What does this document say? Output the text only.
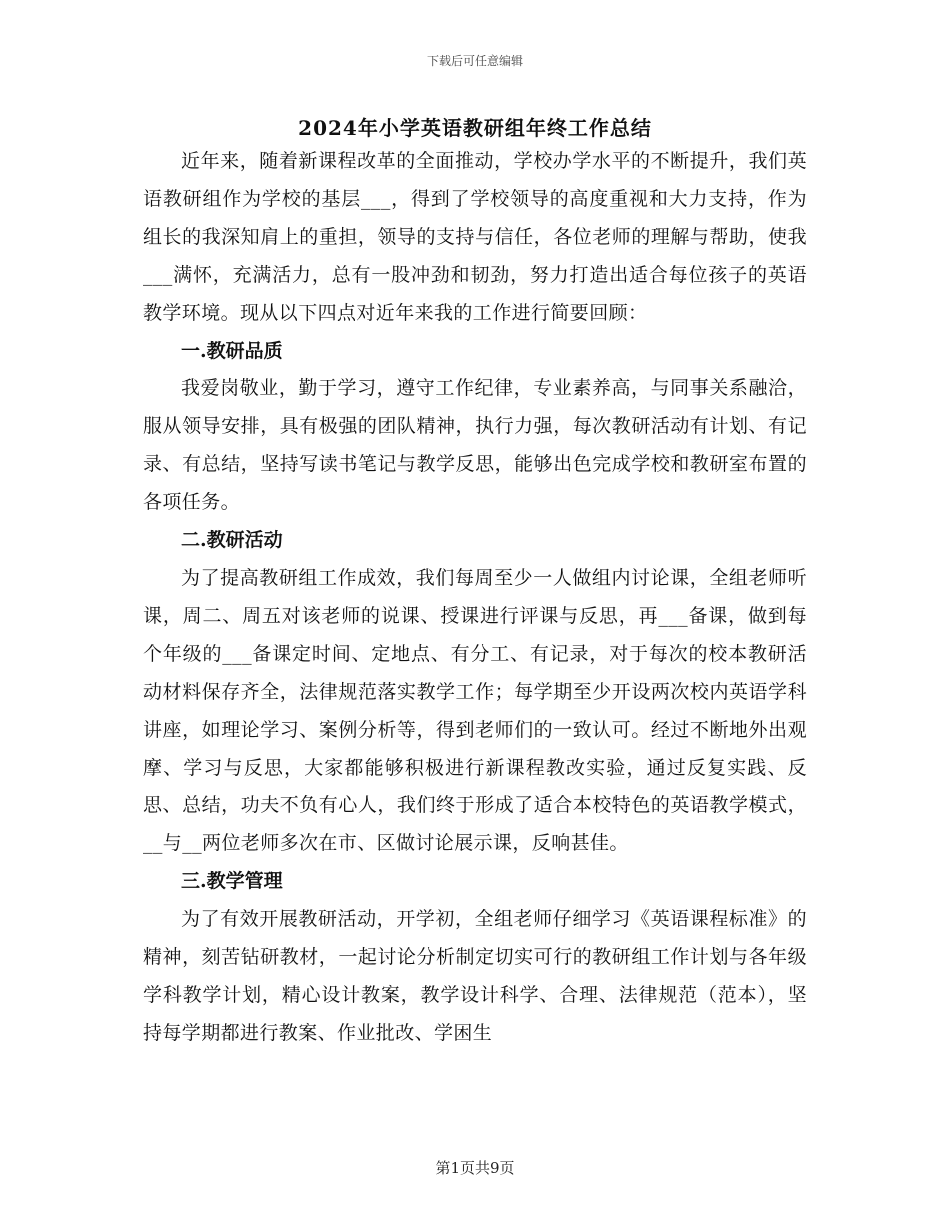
下载后可任意编辑
2024年小学英语教研组年终工作总结

近年来，随着新课程改革的全面推动，学校办学水平的不断提升，我们英语教研组作为学校的基层___，得到了学校领导的高度重视和大力支持，作为组长的我深知肩上的重担，领导的支持与信任，各位老师的理解与帮助，使我___满怀，充满活力，总有一股冲劲和韧劲，努力打造出适合每位孩子的英语教学环境。现从以下四点对近年来我的工作进行简要回顾：

一.教研品质

我爱岗敬业，勤于学习，遵守工作纪律，专业素养高，与同事关系融洽，服从领导安排，具有极强的团队精神，执行力强，每次教研活动有计划、有记录、有总结，坚持写读书笔记与教学反思，能够出色完成学校和教研室布置的各项任务。

二.教研活动

为了提高教研组工作成效，我们每周至少一人做组内讨论课，全组老师听课，周二、周五对该老师的说课、授课进行评课与反思，再___备课，做到每个年级的___备课定时间、定地点、有分工、有记录，对于每次的校本教研活动材料保存齐全，法律规范落实教学工作；每学期至少开设两次校内英语学科讲座，如理论学习、案例分析等，得到老师们的一致认可。经过不断地外出观摩、学习与反思，大家都能够积极进行新课程教改实验，通过反复实践、反思、总结，功夫不负有心人，我们终于形成了适合本校特色的英语教学模式，__与__两位老师多次在市、区做讨论展示课，反响甚佳。

三.教学管理

为了有效开展教研活动，开学初，全组老师仔细学习《英语课程标准》的精神，刻苦钻研教材，一起讨论分析制定切实可行的教研组工作计划与各年级学科教学计划，精心设计教案，教学设计科学、合理、法律规范（范本），坚持每学期都进行教案、作业批改、学困生

第1页共9页
